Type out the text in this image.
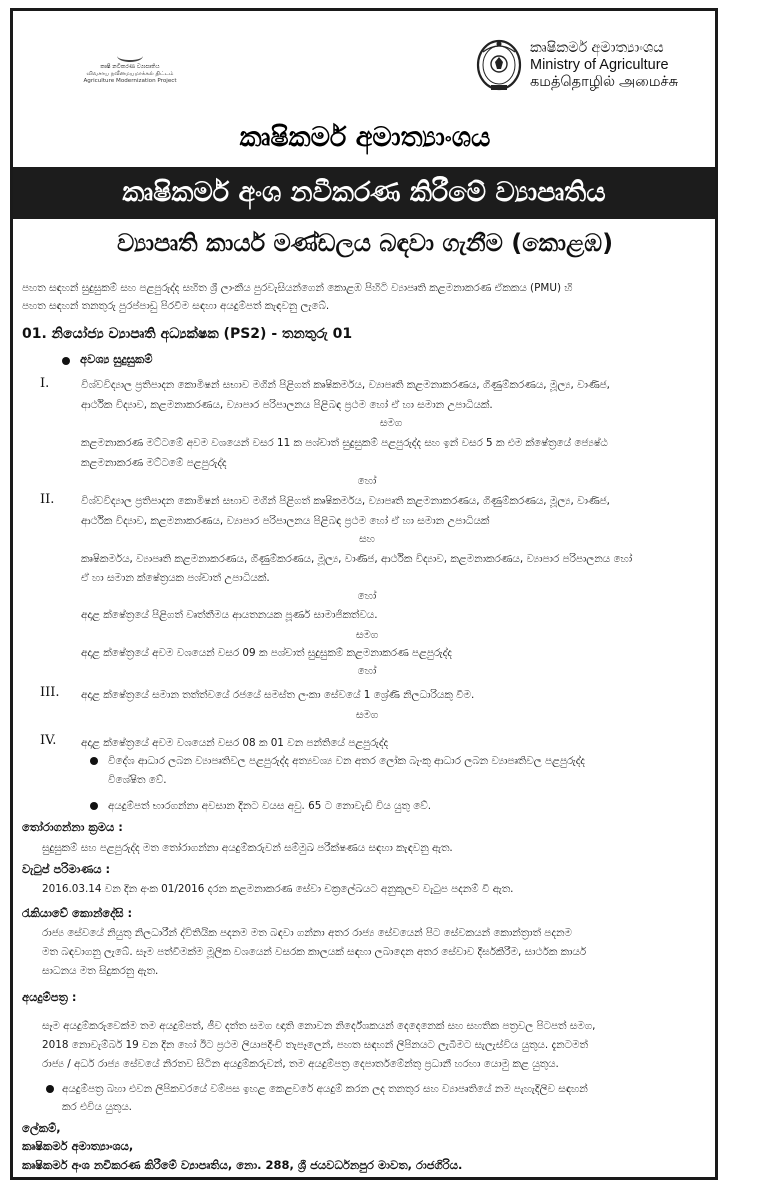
කෘෂි නවීකරණ ව්‍යාපෘතිය
விவசாய நவீனமயமாக்கல் திட்டம்
Agriculture Modernization Project
කෘෂිකර්ම අමාත්‍යාංශය
Ministry of Agriculture
கமத்தொழில் அமைச்சு
කෘෂිකර්ම අමාත්‍යාංශය
කෘෂිකර්ම අංශ නවීකරණ කිරීමේ ව්‍යාපෘතිය
ව්‍යාපෘති කාර්ය මණ්ඩලය බඳවා ගැනීම (කොළඹ)
පහත සඳහන් සුදුසුකම් සහ පළපුරුද්ද සහිත ශ්‍රී ලාංකීය පුරවැසියන්ගෙන් කොළඹ පිහිටි ව්‍යාපෘති කළමනාකරණ ඒකකය (PMU) හි
පහත සඳහන් තනතුරු පුරප්පාඩු පිරවීම සඳහා අයදුම්පත් කැඳවනු ලැබේ.
01. නියෝජ්‍ය ව්‍යාපෘති අධ්‍යක්ෂක (PS2) - තනතුරු 01
අවශ්‍ය සුදුසුකම්
I.	විශ්වවිද්‍යාල ප්‍රතිපාදන කොමිෂන් සභාව මගින් පිළිගත් කෘෂිකර්මය, ව්‍යාපෘති කළමනාකරණය, ගිණුම්කරණය, මූල්‍ය, වාණිජ,
ආර්ථික විද්‍යාව, කළමනාකරණය, ව්‍යාපාර පරිපාලනය පිළිබඳ ප්‍රථම හෝ ඒ හා සමාන උපාධියක්.
සමග
කළමනාකරණ මට්ටමේ අවම වශයෙන් වසර 11 ක පශ්චාත් සුදුසුකම් පළපුරුද්ද සහ ඉන් වසර 5 ක එම ක්ෂේත්‍රයේ ජ්‍යෙෂ්ඨ
කළමනාකරණ මට්ටමේ පළපුරුද්ද
හෝ
II.	විශ්වවිද්‍යාල ප්‍රතිපාදන කොමිෂන් සභාව මගින් පිළිගත් කෘෂිකර්මය, ව්‍යාපෘති කළමනාකරණය, ගිණුම්කරණය, මූල්‍ය, වාණිජ,
ආර්ථික විද්‍යාව, කළමනාකරණය, ව්‍යාපාර පරිපාලනය පිළිබඳ ප්‍රථම හෝ ඒ හා සමාන උපාධියක්
සහ
කෘෂිකර්මය, ව්‍යාපෘති කළමනාකරණය, ගිණුම්කරණය, මූල්‍ය, වාණිජ, ආර්ථික විද්‍යාව, කළමනාකරණය, ව්‍යාපාර පරිපාලනය හෝ
ඒ හා සමාන ක්ෂේත්‍රයක පශ්චාත් උපාධියක්.
හෝ
අදාළ ක්ෂේත්‍රයේ පිළිගත් වෘත්තීමය ආයතනයක පූර්ණ සාමාජිකත්වය.
සමග
අදාළ ක්ෂේත්‍රයේ අවම වශයෙන් වසර 09 ක පශ්චාත් සුදුසුකම් කළමනාකරණ පළපුරුද්ද
හෝ
III. අදාළ ක්ෂේත්‍රයේ සමාන තත්ත්වයේ රජයේ සමස්ත ලංකා සේවයේ 1 ශ්‍රේණි නිලධාරියකු වීම.
සමග
IV. අදාළ ක්ෂේත්‍රයේ අවම වශයෙන් වසර 08 ක 01 වන පන්තියේ පළපුරුද්ද
විදේශ ආධාර ලබන ව්‍යාපෘතිවල පළපුරුද්ද අත්‍යවශ්‍ය වන අතර ලෝක බැංකු ආධාර ලබන ව්‍යාපෘතිවල පළපුරුද්ද
විශේෂිත වේ.
අයදුම්පත් භාරගන්නා අවසාන දිනට වයස අවු. 65 ට නොවැඩි විය යුතු වේ.
තෝරාගන්නා ක්‍රමය :
සුදුසුකම් සහ පළපුරුද්ද මත තෝරාගන්නා අයදුම්කරුවන් සම්මුඛ පරීක්ෂණය සඳහා කැඳවනු ඇත.
වැටුප් පරිමාණය :
2016.03.14 වන දින අංක 01/2016 දරන කළමනාකරණ සේවා චක්‍රලේඛයට අනුකූලව වැටුප පදනම් වී ඇත.
රැකියාවේ කොන්දේසි :
රාජ්‍ය සේවයේ නියුතු නිලධාරීන් ද්විතියික පදනම මත බඳවා ගන්නා අතර රාජ්‍ය සේවයෙන් පිට සේවකයන් කොන්ත්‍රාත් පදනම
මත බඳවාගනු ලැබේ. සෑම පත්වීමක්ම මූලික වශයෙන් වසරක කාලයක් සඳහා ලබාදෙන අතර සේවාව දීර්ඝකිරීම, සාර්ථක කාර්ය
සාධනය මත සිදුකරනු ඇත.
අයදුම්පත්‍ර :
සෑම අයදුම්කරුවෙක්ම තම අයදුම්පත්, ජීව දත්ත සමග ඥාති නොවන නිර්දේශකයන් දෙදෙනෙක් සහ සහතික පත්‍රවල පිටපත් සමග,
2018 නොවැම්බර් 19 වන දින හෝ ඊට ප්‍රථම ලියාපදිංචි තැපෑලෙන්, පහත සඳහන් ලිපිනයට ලැබීමට සැලැස්විය යුතුය. දැනටමත්
රාජ්‍ය / අර්ධ රාජ්‍ය සේවයේ නිරතව සිටින අයදුම්කරුවන්, තම අයදුම්පත්‍ර දෙපාර්තමේන්තු ප්‍රධානී හරහා යොමු කළ යුතුය.
අයදුම්පත්‍ර බහා එවන ලිපිකවරයේ වම්පස ඉහළ කෙළවරේ අයදුම් කරන ලද තනතුර සහ ව්‍යාපෘතියේ නම පැහැදිලිව සඳහන්
කර එවිය යුතුය.
ලේකම්,
කෘෂිකර්ම අමාත්‍යාංශය,
කෘෂිකර්ම අංශ නවීකරණ කිරීමේ ව්‍යාපෘතිය, නො. 288, ශ්‍රී ජයවර්ධනපුර මාවත, රාජගිරිය.
